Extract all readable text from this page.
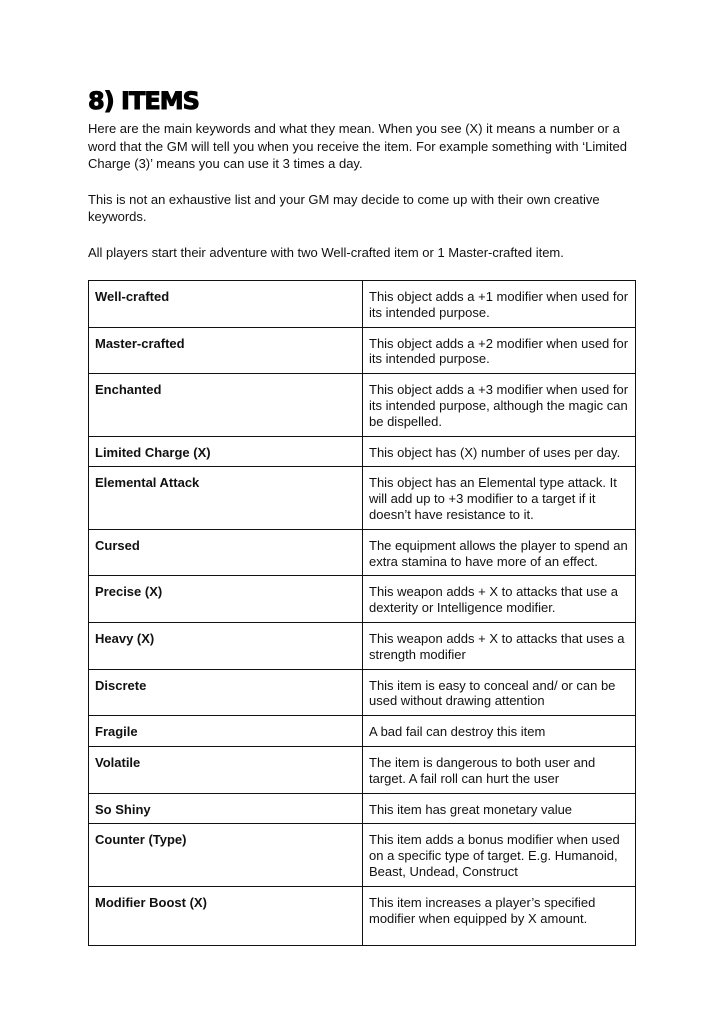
8) ITEMS

Here are the main keywords and what they mean. When you see (X) it means a number or a word that the GM will tell you when you receive the item. For example something with ‘Limited Charge (3)’ means you can use it 3 times a day.

This is not an exhaustive list and your GM may decide to come up with their own creative keywords.

All players start their adventure with two Well-crafted item or 1 Master-crafted item.

Well-crafted	This object adds a +1 modifier when used for its intended purpose.
Master-crafted	This object adds a +2 modifier when used for its intended purpose.
Enchanted	This object adds a +3 modifier when used for its intended purpose, although the magic can be dispelled.
Limited Charge (X)	This object has (X) number of uses per day.
Elemental Attack	This object has an Elemental type attack. It will add up to +3 modifier to a target if it doesn’t have resistance to it.
Cursed	The equipment allows the player to spend an extra stamina to have more of an effect.
Precise (X)	This weapon adds + X to attacks that use a dexterity or Intelligence modifier.
Heavy (X)	This weapon adds + X to attacks that uses a strength modifier
Discrete	This item is easy to conceal and/ or can be used without drawing attention
Fragile	A bad fail can destroy this item
Volatile	The item is dangerous to both user and target. A fail roll can hurt the user
So Shiny	This item has great monetary value
Counter (Type)	This item adds a bonus modifier when used on a specific type of target. E.g. Humanoid, Beast, Undead, Construct
Modifier Boost (X)	This item increases a player’s specified modifier when equipped by X amount.
